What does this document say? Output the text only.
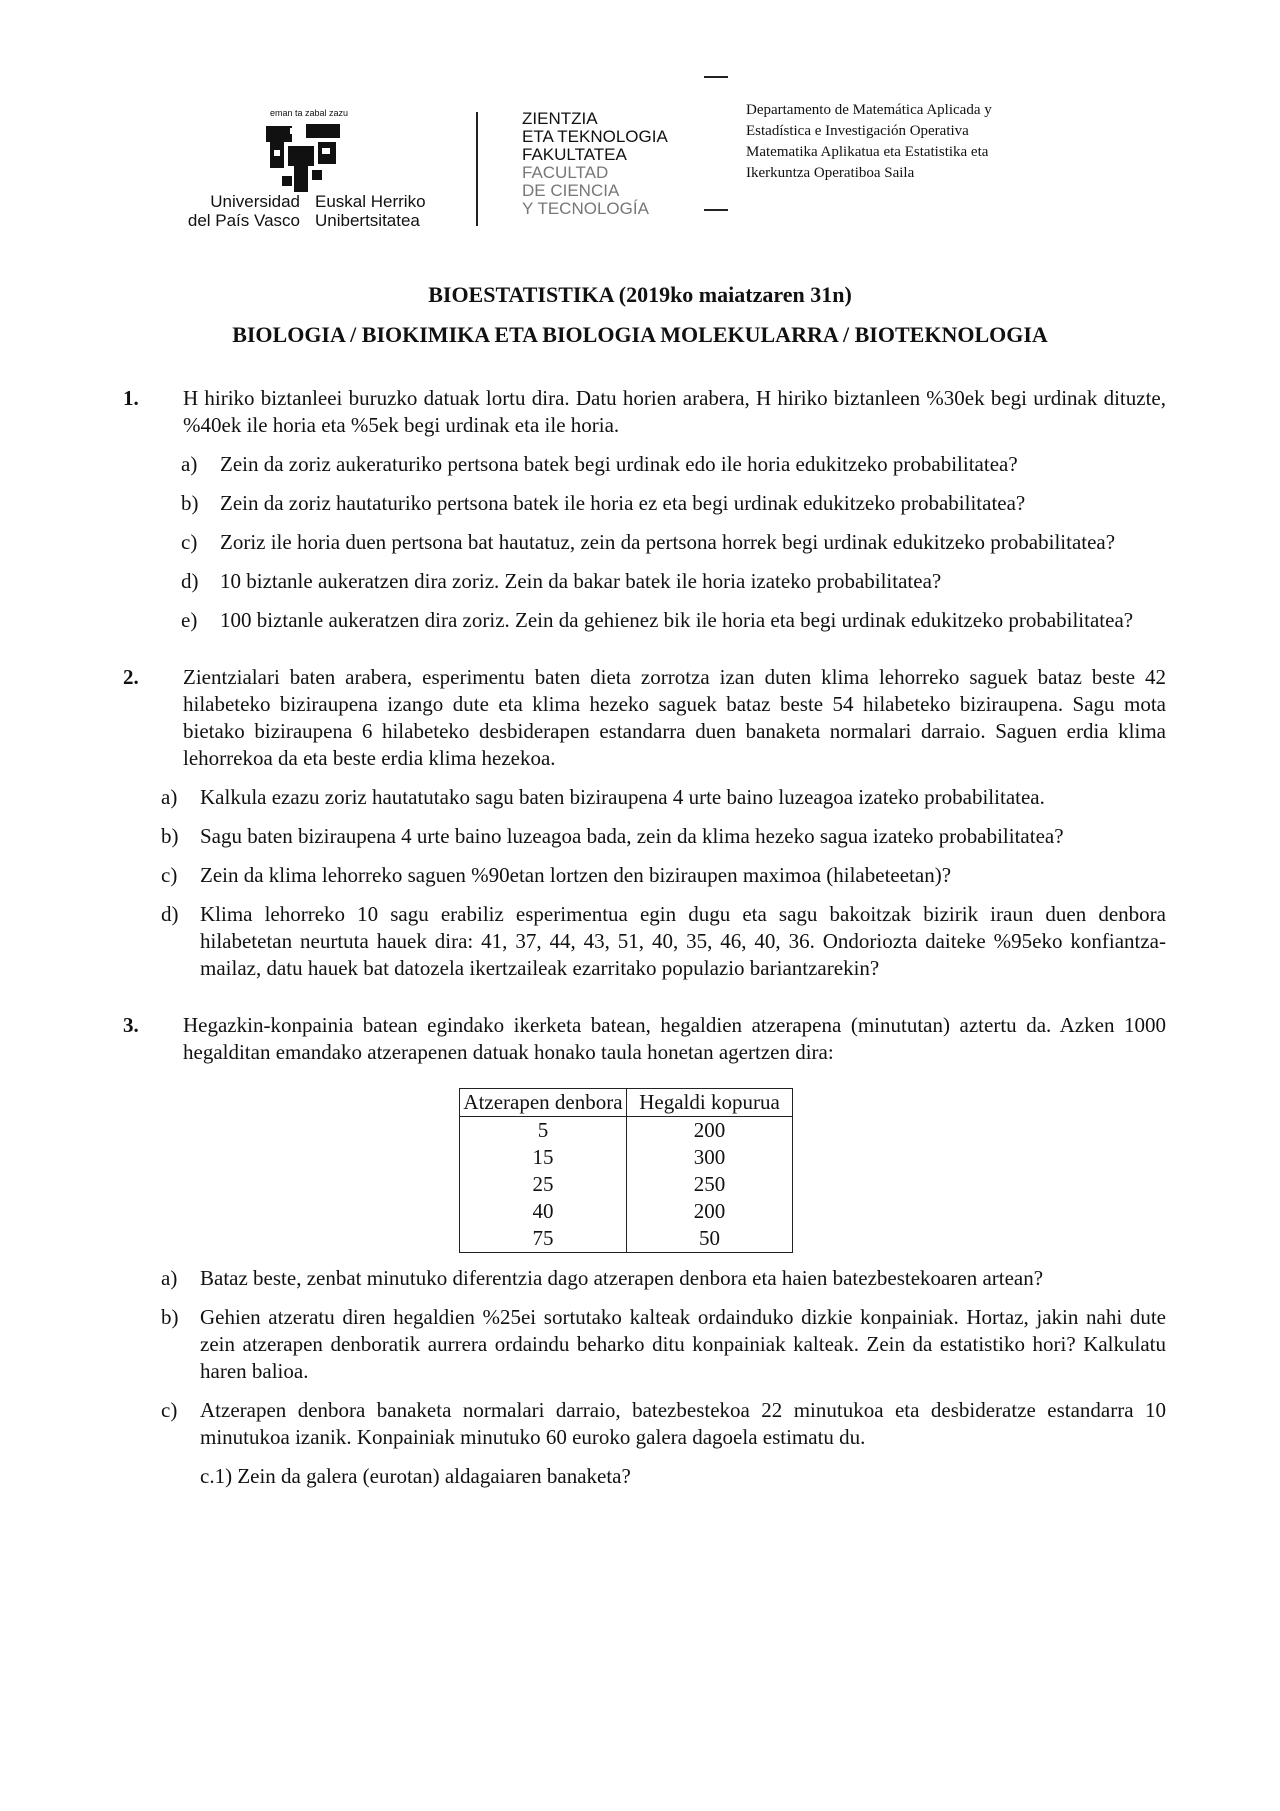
eman ta zabal zazu
Universidad
del País Vasco
Euskal Herriko
Unibertsitatea
ZIENTZIA
ETA TEKNOLOGIA
FAKULTATEA
FACULTAD
DE CIENCIA
Y TECNOLOGÍA
Departamento de Matemática Aplicada y
Estadística e Investigación Operativa
Matematika Aplikatua eta Estatistika eta
Ikerkuntza Operatiboa Saila
BIOESTATISTIKA (2019ko maiatzaren 31n)
BIOLOGIA / BIOKIMIKA ETA BIOLOGIA MOLEKULARRA / BIOTEKNOLOGIA
1. H hiriko biztanleei buruzko datuak lortu dira. Datu horien arabera, H hiriko biztanleen %30ek begi urdinak dituzte, %40ek ile horia eta %5ek begi urdinak eta ile horia.
a) Zein da zoriz aukeraturiko pertsona batek begi urdinak edo ile horia edukitzeko probabilitatea?
b) Zein da zoriz hautaturiko pertsona batek ile horia ez eta begi urdinak edukitzeko probabilitatea?
c) Zoriz ile horia duen pertsona bat hautatuz, zein da pertsona horrek begi urdinak edukitzeko probabilitatea?
d) 10 biztanle aukeratzen dira zoriz. Zein da bakar batek ile horia izateko probabilitatea?
e) 100 biztanle aukeratzen dira zoriz. Zein da gehienez bik ile horia eta begi urdinak edukitzeko probabilitatea?
2. Zientzialari baten arabera, esperimentu baten dieta zorrotza izan duten klima lehorreko saguek bataz beste 42 hilabeteko biziraupena izango dute eta klima hezeko saguek bataz beste 54 hilabeteko biziraupena. Sagu mota bietako biziraupena 6 hilabeteko desbiderapen estandarra duen banaketa normalari darraio. Saguen erdia klima lehorrekoa da eta beste erdia klima hezekoa.
a) Kalkula ezazu zoriz hautatutako sagu baten biziraupena 4 urte baino luzeagoa izateko probabilitatea.
b) Sagu baten biziraupena 4 urte baino luzeagoa bada, zein da klima hezeko sagua izateko probabilitatea?
c) Zein da klima lehorreko saguen %90etan lortzen den biziraupen maximoa (hilabeteetan)?
d) Klima lehorreko 10 sagu erabiliz esperimentua egin dugu eta sagu bakoitzak bizirik iraun duen denbora hilabetetan neurtuta hauek dira: 41, 37, 44, 43, 51, 40, 35, 46, 40, 36. Ondoriozta daiteke %95eko konfiantza-mailaz, datu hauek bat datozela ikertzaileak ezarritako populazio bariantzarekin?
3. Hegazkin-konpainia batean egindako ikerketa batean, hegaldien atzerapena (minututan) aztertu da. Azken 1000 hegalditan emandako atzerapenen datuak honako taula honetan agertzen dira:
Atzerapen denbora	Hegaldi kopurua
5	200
15	300
25	250
40	200
75	50
a) Bataz beste, zenbat minutuko diferentzia dago atzerapen denbora eta haien batezbestekoaren artean?
b) Gehien atzeratu diren hegaldien %25ei sortutako kalteak ordainduko dizkie konpainiak. Hortaz, jakin nahi dute zein atzerapen denboratik aurrera ordaindu beharko ditu konpainiak kalteak. Zein da estatistiko hori? Kalkulatu haren balioa.
c) Atzerapen denbora banaketa normalari darraio, batezbestekoa 22 minutukoa eta desbideratze estandarra 10 minutukoa izanik. Konpainiak minutuko 60 euroko galera dagoela estimatu du.
c.1) Zein da galera (eurotan) aldagaiaren banaketa?
